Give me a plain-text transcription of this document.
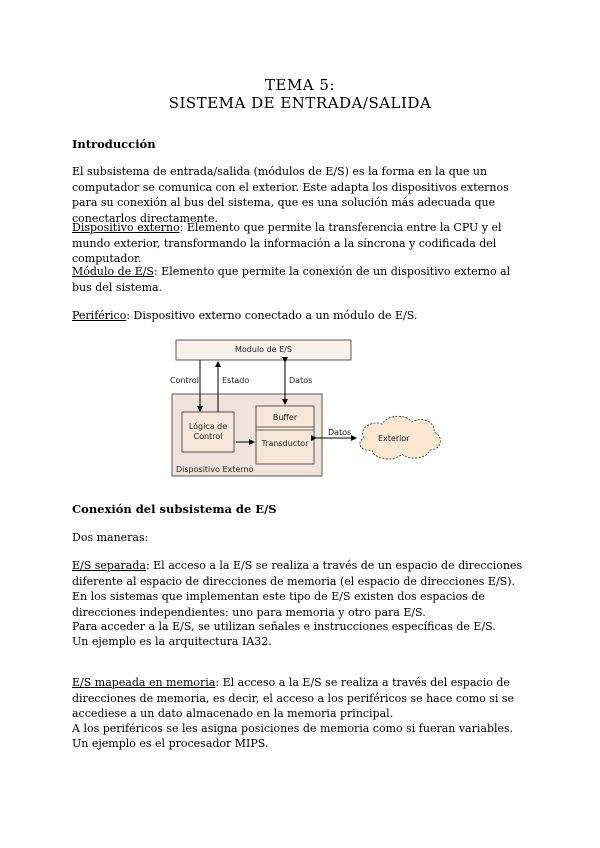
TEMA 5:
SISTEMA DE ENTRADA/SALIDA
Introducción

El subsistema de entrada/salida (módulos de E/S) es la forma en la que un computador se comunica con el exterior. Este adapta los dispositivos externos para su conexión al bus del sistema, que es una solución más adecuada que conectarlos directamente.

Dispositivo externo: Elemento que permite la transferencia entre la CPU y el mundo exterior, transformando la información a la síncrona y codificada del computador.

Módulo de E/S: Elemento que permite la conexión de un dispositivo externo al bus del sistema.

Periférico: Dispositivo externo conectado a un módulo de E/S.

Modulo de E/S
Control	Estado	Datos
Lógica de Control
Buffer
Transductor
Datos
Exterior
Dispositivo Externo
Conexión del subsistema de E/S

Dos maneras:

E/S separada: El acceso a la E/S se realiza a través de un espacio de direcciones diferente al espacio de direcciones de memoria (el espacio de direcciones E/S). En los sistemas que implementan este tipo de E/S existen dos espacios de direcciones independientes: uno para memoria y otro para E/S.

Para acceder a la E/S, se utilizan señales e instrucciones específicas de E/S.

Un ejemplo es la arquitectura IA32.

E/S mapeada en memoria: El acceso a la E/S se realiza a través del espacio de direcciones de memoria, es decir, el acceso a los periféricos se hace como si se accediese a un dato almacenado en la memoria principal.

A los periféricos se les asigna posiciones de memoria como si fueran variables.

Un ejemplo es el procesador MIPS.
